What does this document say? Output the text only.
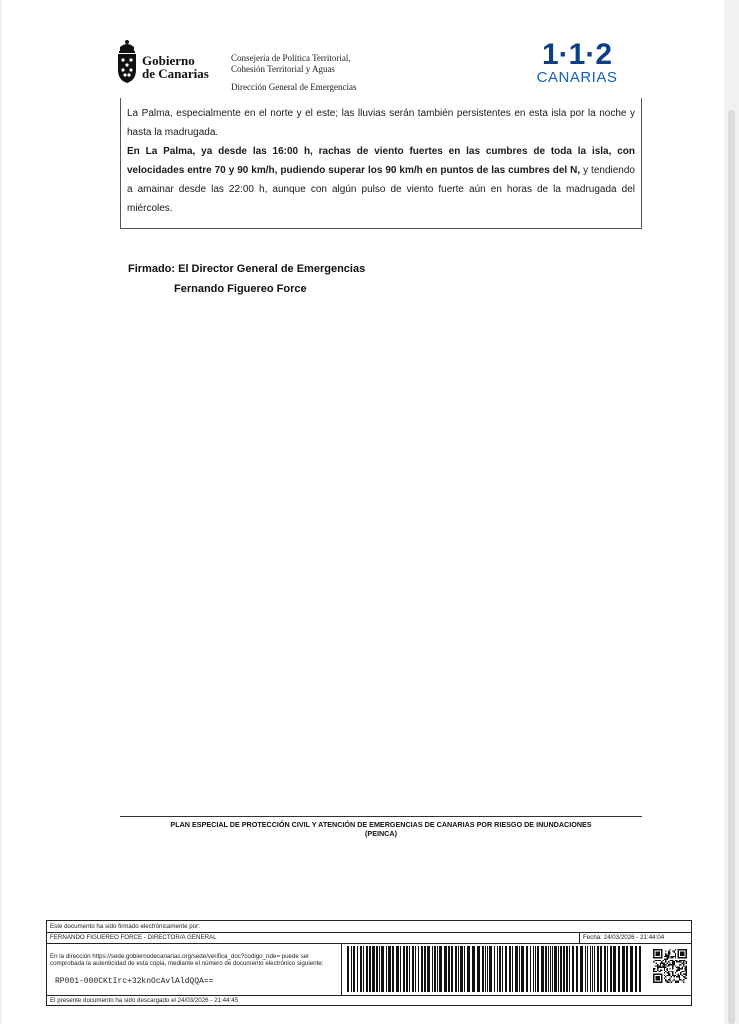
Gobierno
de Canarias
Consejería de Política Territorial,
Cohesión Territorial y Aguas
Dirección General de Emergencias
1·1·2
CANARIAS

La Palma, especialmente en el norte y el este; las lluvias serán también persistentes en esta isla por la noche y hasta la madrugada.

En La Palma, ya desde las 16:00 h, rachas de viento fuertes en las cumbres de toda la isla, con velocidades entre 70 y 90 km/h, pudiendo superar los 90 km/h en puntos de las cumbres del N, y tendiendo a amainar desde las 22:00 h, aunque con algún pulso de viento fuerte aún en horas de la madrugada del miércoles.

Firmado: El Director General de Emergencias
Fernando Figuereo Force
PLAN ESPECIAL DE PROTECCIÓN CIVIL Y ATENCIÓN DE EMERGENCIAS DE CANARIAS POR RIESGO DE INUNDACIONES
(PEINCA)
Este documento ha sido firmado electrónicamente por:
FERNANDO FIGUEREO FORCE - DIRECTOR/A GENERAL	Fecha: 24/03/2026 - 21:44:04
En la dirección https://sede.gobiernodecanarias.org/sede/verifica_doc?codigo_nde= puede ser comprobada la autenticidad de esta copia, mediante el número de documento electrónico siguiente:
RP001-000CKtIrc+32knOcAvlAldQQA==
El presente documento ha sido descargado el 24/03/2026 - 21:44:45
